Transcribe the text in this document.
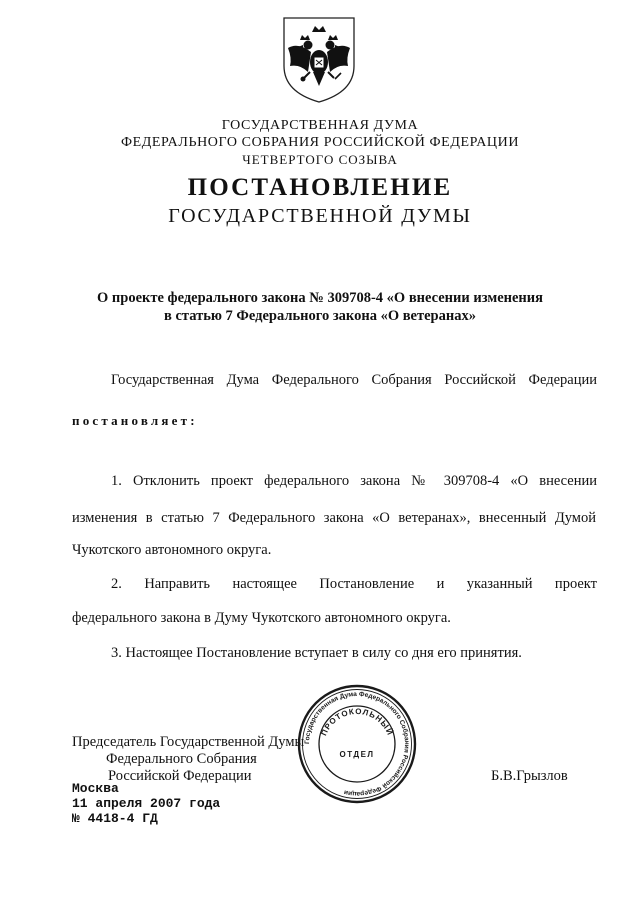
ГОСУДАРСТВЕННАЯ ДУМА
ФЕДЕРАЛЬНОГО СОБРАНИЯ РОССИЙСКОЙ ФЕДЕРАЦИИ
ЧЕТВЕРТОГО СОЗЫВА
ПОСТАНОВЛЕНИЕ
ГОСУДАРСТВЕННОЙ ДУМЫ
О проекте федерального закона № 309708-4 «О внесении изменения
в статью 7 Федерального закона «О ветеранах»
Государственная Дума Федерального Собрания Российской Федерации
постановляет:
1. Отклонить проект федерального закона № 309708-4 «О внесении
изменения в статью 7 Федерального закона «О ветеранах», внесенный Думой
Чукотского автономного округа.
2. Направить настоящее Постановление и указанный проект
федерального закона в Думу Чукотского автономного округа.
3. Настоящее Постановление вступает в силу со дня его принятия.
Председатель Государственной Думы
Федерального Собрания
Российской Федерации	Б.В.Грызлов
Государственная Дума Федерального Собрания Российской Федерации
ПРОТОКОЛЬНЫЙ
ОТДЕЛ
Москва
11 апреля 2007 года
№ 4418-4 ГД
